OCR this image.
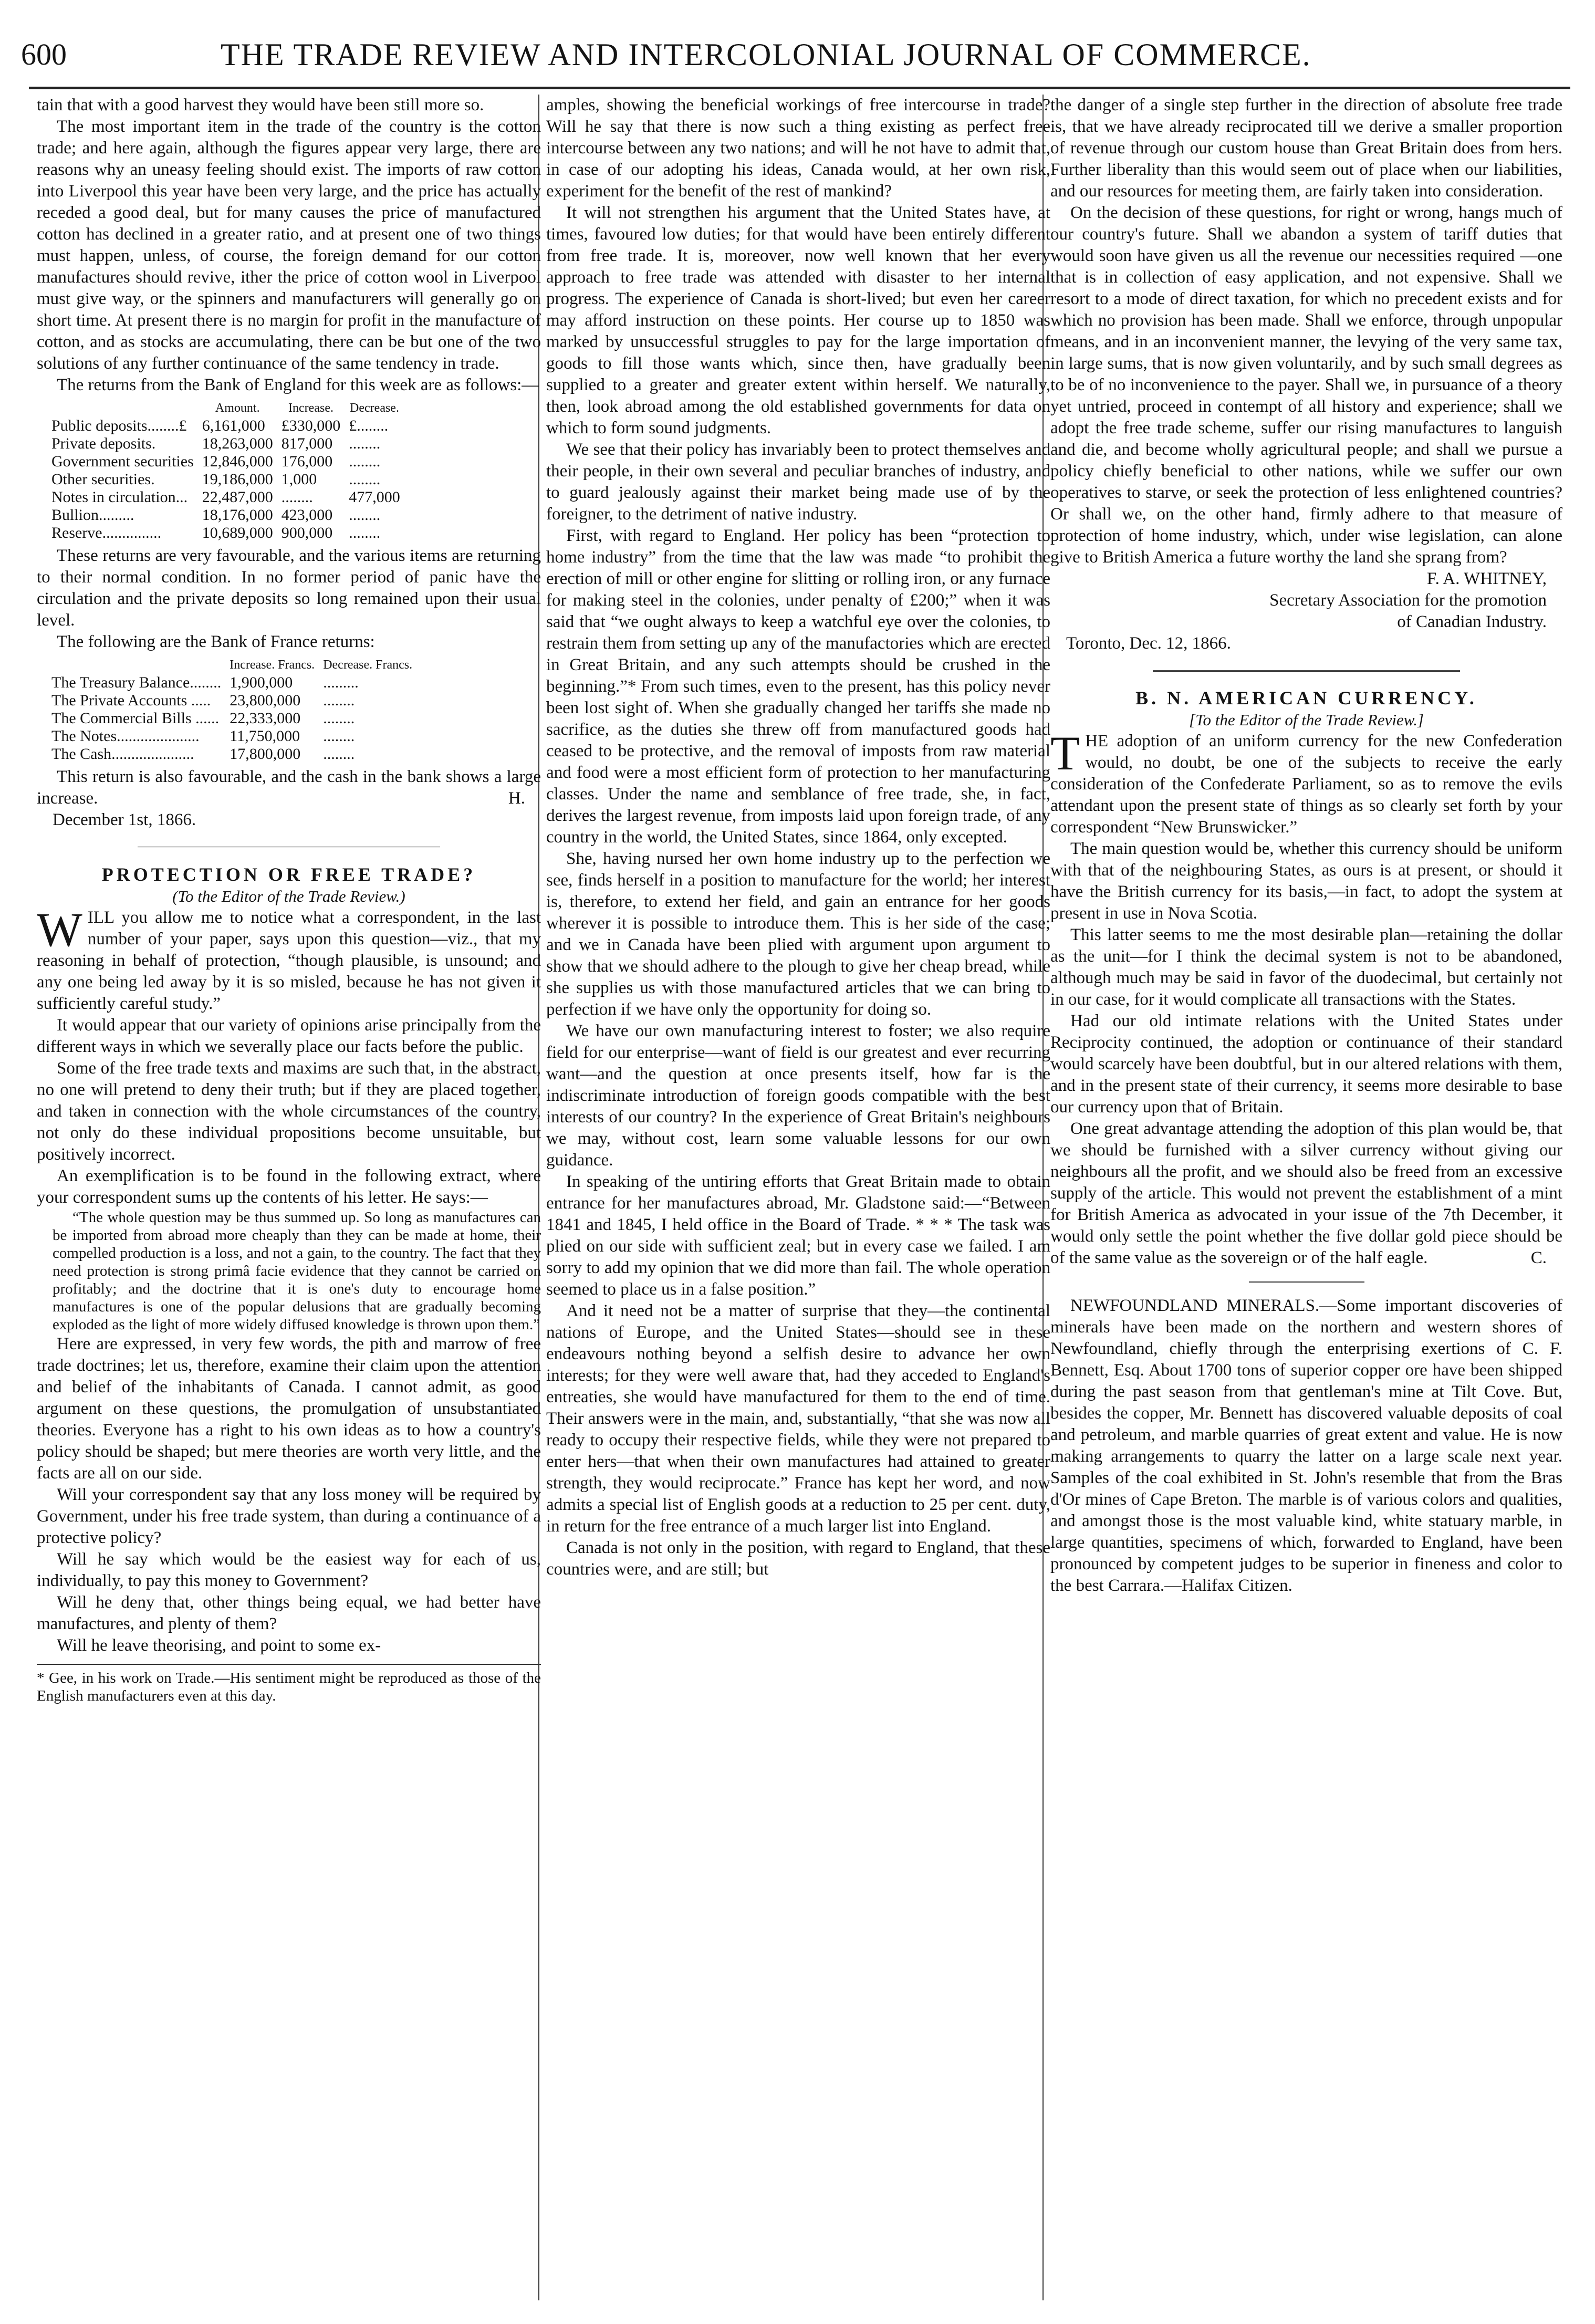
600	THE TRADE REVIEW AND INTERCOLONIAL JOURNAL OF COMMERCE.

tain that with a good harvest they would have been still more so.

The most important item in the trade of the country is the cotton trade; and here again, although the figures appear very large, there are reasons why an uneasy feeling should exist. The imports of raw cotton into Liverpool this year have been very large, and the price has actually receded a good deal, but for many causes the price of manufactured cotton has declined in a greater ratio, and at present one of two things must happen, unless, of course, the foreign demand for our cotton manufactures should revive, ither the price of cotton wool in Liverpool must give way, or the spinners and manufacturers will generally go on short time. At present there is no margin for profit in the manufacture of cotton, and as stocks are accumulating, there can be but one of the two solutions of any further continuance of the same tendency in trade.

The returns from the Bank of England for this week are as follows:—

	Amount.	Increase.	Decrease.
Public deposits........£	6,161,000	£330,000	£........
Private deposits.	18,263,000	817,000	........
Government securities	12,846,000	176,000	........
Other securities.	19,186,000	1,000	........
Notes in circulation...	22,487,000	........	477,000
Bullion.........	18,176,000	423,000	........
Reserve...............	10,689,000	900,000	........

These returns are very favourable, and the various items are returning to their normal condition. In no former period of panic have the circulation and the private deposits so long remained upon their usual level.

The following are the Bank of France returns:

	Increase. Francs.	Decrease. Francs.
The Treasury Balance........	1,900,000	.........
The Private Accounts .....	23,800,000	........
The Commercial Bills ......	22,333,000	........
The Notes.....................	11,750,000	........
The Cash.....................	17,800,000	........

This return is also favourable, and the cash in the bank shows a large increase.	H.

December 1st, 1866.

PROTECTION OR FREE TRADE?
(To the Editor of the Trade Review.)

WILL you allow me to notice what a correspondent, in the last number of your paper, says upon this question—viz., that my reasoning in behalf of protection, “though plausible, is unsound; and any one being led away by it is so misled, because he has not given it sufficiently careful study.”

It would appear that our variety of opinions arise principally from the different ways in which we severally place our facts before the public.

Some of the free trade texts and maxims are such that, in the abstract, no one will pretend to deny their truth; but if they are placed together, and taken in connection with the whole circumstances of the country, not only do these individual propositions become unsuitable, but positively incorrect.

An exemplification is to be found in the following extract, where your correspondent sums up the contents of his letter. He says:—

“The whole question may be thus summed up. So long as manufactures can be imported from abroad more cheaply than they can be made at home, their compelled production is a loss, and not a gain, to the country. The fact that they need protection is strong primâ facie evidence that they cannot be carried on profitably; and the doctrine that it is one's duty to encourage home manufactures is one of the popular delusions that are gradually becoming exploded as the light of more widely diffused knowledge is thrown upon them.”

Here are expressed, in very few words, the pith and marrow of free trade doctrines; let us, therefore, examine their claim upon the attention and belief of the inhabitants of Canada. I cannot admit, as good argument on these questions, the promulgation of unsubstantiated theories. Everyone has a right to his own ideas as to how a country's policy should be shaped; but mere theories are worth very little, and the facts are all on our side.

Will your correspondent say that any loss money will be required by Government, under his free trade system, than during a continuance of a protective policy?

Will he say which would be the easiest way for each of us, individually, to pay this money to Government?

Will he deny that, other things being equal, we had better have manufactures, and plenty of them?

Will he leave theorising, and point to some ex-

* Gee, in his work on Trade.—His sentiment might be reproduced as those of the English manufacturers even at this day.

amples, showing the beneficial workings of free intercourse in trade? Will he say that there is now such a thing existing as perfect free intercourse between any two nations; and will he not have to admit that, in case of our adopting his ideas, Canada would, at her own risk, experiment for the benefit of the rest of mankind?

It will not strengthen his argument that the United States have, at times, favoured low duties; for that would have been entirely different from free trade. It is, moreover, now well known that her every approach to free trade was attended with disaster to her internal progress. The experience of Canada is short-lived; but even her career may afford instruction on these points. Her course up to 1850 was marked by unsuccessful struggles to pay for the large importation of goods to fill those wants which, since then, have gradually been supplied to a greater and greater extent within herself. We naturally, then, look abroad among the old established governments for data on which to form sound judgments.

We see that their policy has invariably been to protect themselves and their people, in their own several and peculiar branches of industry, and to guard jealously against their market being made use of by the foreigner, to the detriment of native industry.

First, with regard to England. Her policy has been “protection to home industry” from the time that the law was made “to prohibit the erection of mill or other engine for slitting or rolling iron, or any furnace for making steel in the colonies, under penalty of £200;” when it was said that “we ought always to keep a watchful eye over the colonies, to restrain them from setting up any of the manufactories which are erected in Great Britain, and any such attempts should be crushed in the beginning.”* From such times, even to the present, has this policy never been lost sight of. When she gradually changed her tariffs she made no sacrifice, as the duties she threw off from manufactured goods had ceased to be protective, and the removal of imposts from raw material and food were a most efficient form of protection to her manufacturing classes. Under the name and semblance of free trade, she, in fact, derives the largest revenue, from imposts laid upon foreign trade, of any country in the world, the United States, since 1864, only excepted.

She, having nursed her own home industry up to the perfection we see, finds herself in a position to manufacture for the world; her interest is, therefore, to extend her field, and gain an entrance for her goods wherever it is possible to introduce them. This is her side of the case; and we in Canada have been plied with argument upon argument to show that we should adhere to the plough to give her cheap bread, while she supplies us with those manufactured articles that we can bring to perfection if we have only the opportunity for doing so.

We have our own manufacturing interest to foster; we also require field for our enterprise—want of field is our greatest and ever recurring want—and the question at once presents itself, how far is the indiscriminate introduction of foreign goods compatible with the best interests of our country? In the experience of Great Britain's neighbours we may, without cost, learn some valuable lessons for our own guidance.

In speaking of the untiring efforts that Great Britain made to obtain entrance for her manufactures abroad, Mr. Gladstone said:—“Between 1841 and 1845, I held office in the Board of Trade. * * * The task was plied on our side with sufficient zeal; but in every case we failed. I am sorry to add my opinion that we did more than fail. The whole operation seemed to place us in a false position.”

And it need not be a matter of surprise that they—the continental nations of Europe, and the United States—should see in these endeavours nothing beyond a selfish desire to advance her own interests; for they were well aware that, had they acceded to England's entreaties, she would have manufactured for them to the end of time. Their answers were in the main, and, substantially, “that she was now all ready to occupy their respective fields, while they were not prepared to enter hers—that when their own manufactures had attained to greater strength, they would reciprocate.” France has kept her word, and now admits a special list of English goods at a reduction to 25 per cent. duty, in return for the free entrance of a much larger list into England.

Canada is not only in the position, with regard to England, that these countries were, and are still; but

the danger of a single step further in the direction of absolute free trade is, that we have already reciprocated till we derive a smaller proportion of revenue through our custom house than Great Britain does from hers. Further liberality than this would seem out of place when our liabilities, and our resources for meeting them, are fairly taken into consideration.

On the decision of these questions, for right or wrong, hangs much of our country's future. Shall we abandon a system of tariff duties that would soon have given us all the revenue our necessities required —one that is in collection of easy application, and not expensive. Shall we resort to a mode of direct taxation, for which no precedent exists and for which no provision has been made. Shall we enforce, through unpopular means, and in an inconvenient manner, the levying of the very same tax, in large sums, that is now given voluntarily, and by such small degrees as to be of no inconvenience to the payer. Shall we, in pursuance of a theory yet untried, proceed in contempt of all history and experience; shall we adopt the free trade scheme, suffer our rising manufactures to languish and die, and become wholly agricultural people; and shall we pursue a policy chiefly beneficial to other nations, while we suffer our own operatives to starve, or seek the protection of less enlightened countries? Or shall we, on the other hand, firmly adhere to that measure of protection of home industry, which, under wise legislation, can alone give to British America a future worthy the land she sprang from?

F. A. WHITNEY,
Secretary Association for the promotion
of Canadian Industry.

Toronto, Dec. 12, 1866.

B. N. AMERICAN CURRENCY.
[To the Editor of the Trade Review.]

THE adoption of an uniform currency for the new Confederation would, no doubt, be one of the subjects to receive the early consideration of the Confederate Parliament, so as to remove the evils attendant upon the present state of things as so clearly set forth by your correspondent “New Brunswicker.”

The main question would be, whether this currency should be uniform with that of the neighbouring States, as ours is at present, or should it have the British currency for its basis,—in fact, to adopt the system at present in use in Nova Scotia.

This latter seems to me the most desirable plan—retaining the dollar as the unit—for I think the decimal system is not to be abandoned, although much may be said in favor of the duodecimal, but certainly not in our case, for it would complicate all transactions with the States.

Had our old intimate relations with the United States under Reciprocity continued, the adoption or continuance of their standard would scarcely have been doubtful, but in our altered relations with them, and in the present state of their currency, it seems more desirable to base our currency upon that of Britain.

One great advantage attending the adoption of this plan would be, that we should be furnished with a silver currency without giving our neighbours all the profit, and we should also be freed from an excessive supply of the article. This would not prevent the establishment of a mint for British America as advocated in your issue of the 7th December, it would only settle the point whether the five dollar gold piece should be of the same value as the sovereign or of the half eagle.	C.

NEWFOUNDLAND MINERALS.—Some important discoveries of minerals have been made on the northern and western shores of Newfoundland, chiefly through the enterprising exertions of C. F. Bennett, Esq. About 1700 tons of superior copper ore have been shipped during the past season from that gentleman's mine at Tilt Cove. But, besides the copper, Mr. Bennett has discovered valuable deposits of coal and petroleum, and marble quarries of great extent and value. He is now making arrangements to quarry the latter on a large scale next year. Samples of the coal exhibited in St. John's resemble that from the Bras d'Or mines of Cape Breton. The marble is of various colors and qualities, and amongst those is the most valuable kind, white statuary marble, in large quantities, specimens of which, forwarded to England, have been pronounced by competent judges to be superior in fineness and color to the best Carrara.—Halifax Citizen.
